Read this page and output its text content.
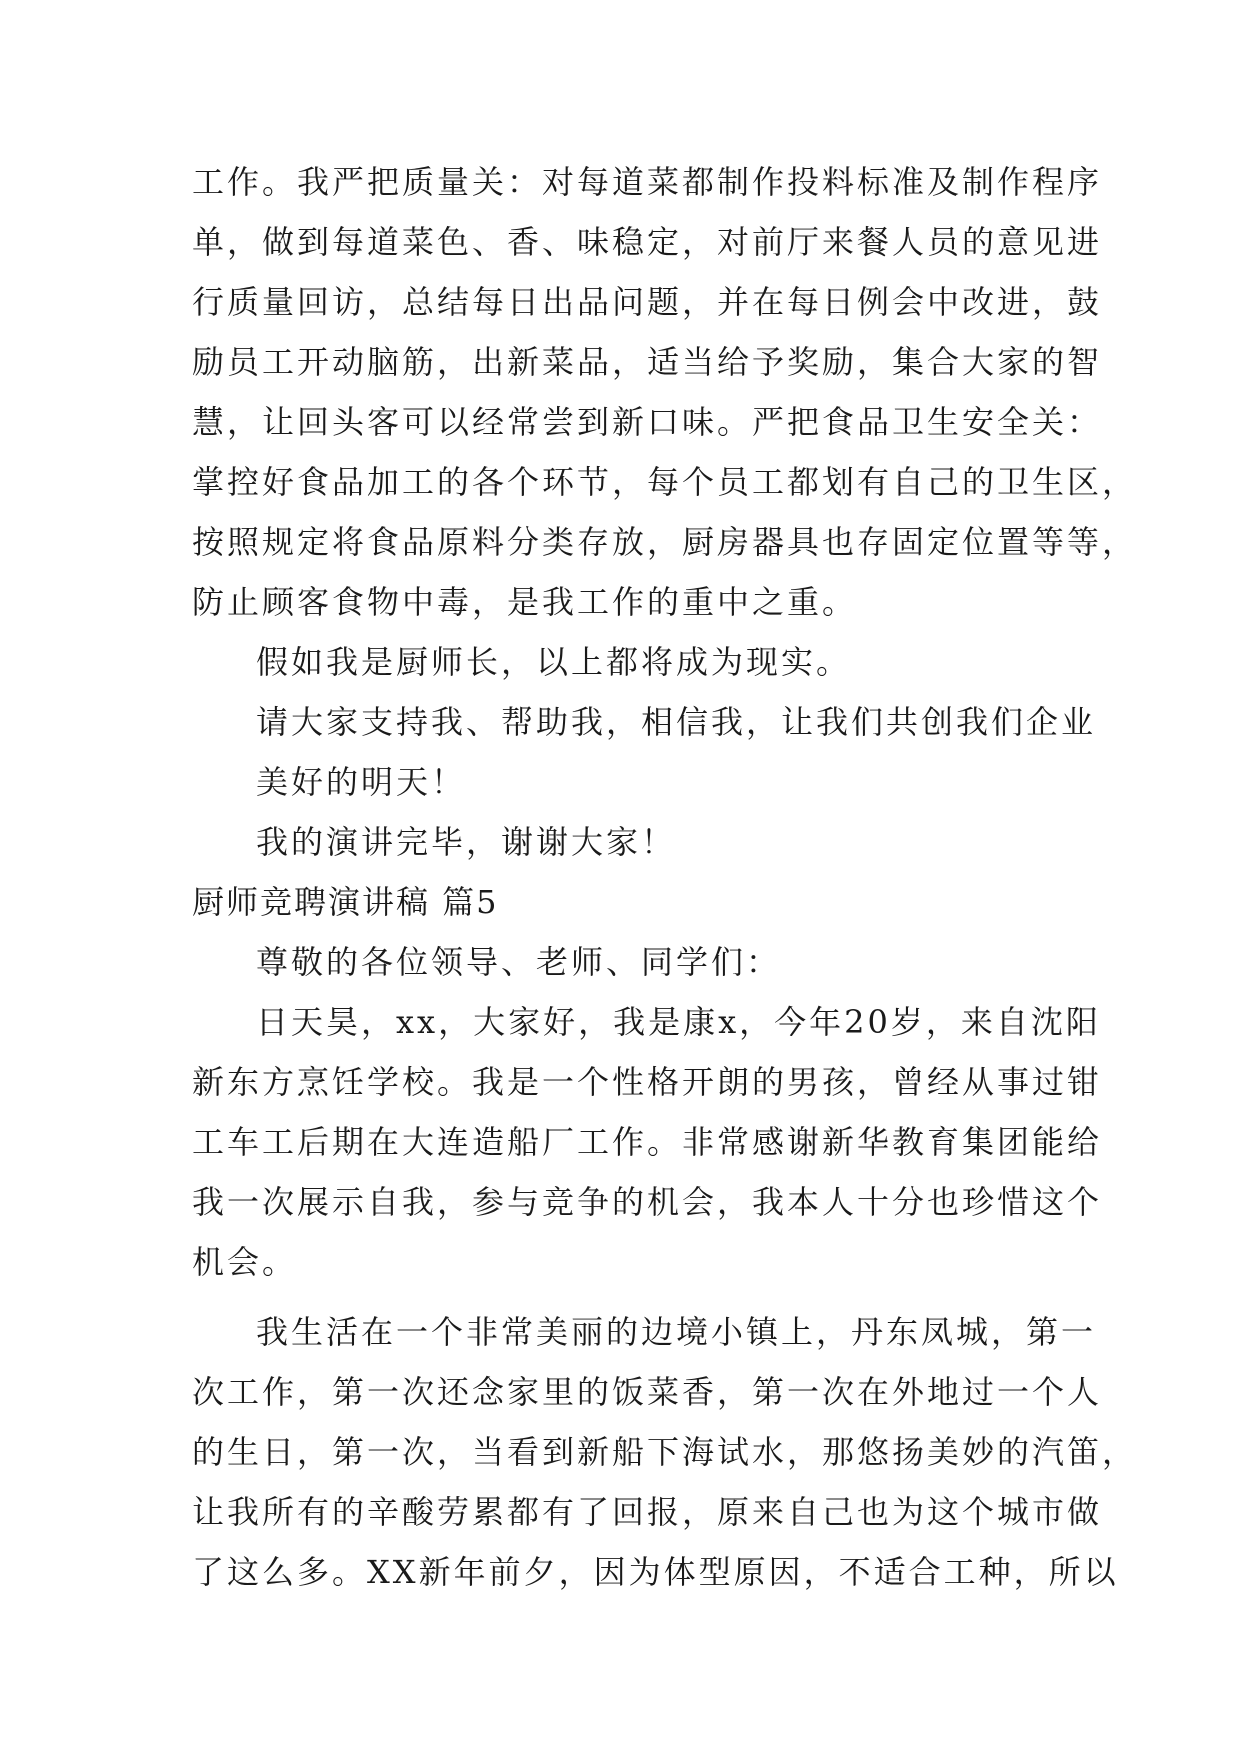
工作。我严把质量关：对每道菜都制作投料标准及制作程序
单，做到每道菜色、香、味稳定，对前厅来餐人员的意见进
行质量回访，总结每日出品问题，并在每日例会中改进，鼓
励员工开动脑筋，出新菜品，适当给予奖励，集合大家的智
慧，让回头客可以经常尝到新口味。严把食品卫生安全关：
掌控好食品加工的各个环节，每个员工都划有自己的卫生区，
按照规定将食品原料分类存放，厨房器具也存固定位置等等，
防止顾客食物中毒，是我工作的重中之重。
假如我是厨师长，以上都将成为现实。
请大家支持我、帮助我，相信我，让我们共创我们企业
美好的明天！
我的演讲完毕，谢谢大家！
厨师竞聘演讲稿 篇5
尊敬的各位领导、老师、同学们：
日天昊，xx，大家好，我是康x，今年20岁，来自沈阳
新东方烹饪学校。我是一个性格开朗的男孩，曾经从事过钳
工车工后期在大连造船厂工作。非常感谢新华教育集团能给
我一次展示自我，参与竞争的机会，我本人十分也珍惜这个
机会。
我生活在一个非常美丽的边境小镇上，丹东凤城，第一
次工作，第一次还念家里的饭菜香，第一次在外地过一个人
的生日，第一次，当看到新船下海试水，那悠扬美妙的汽笛，
让我所有的辛酸劳累都有了回报，原来自己也为这个城市做
了这么多。XX新年前夕，因为体型原因，不适合工种，所以
